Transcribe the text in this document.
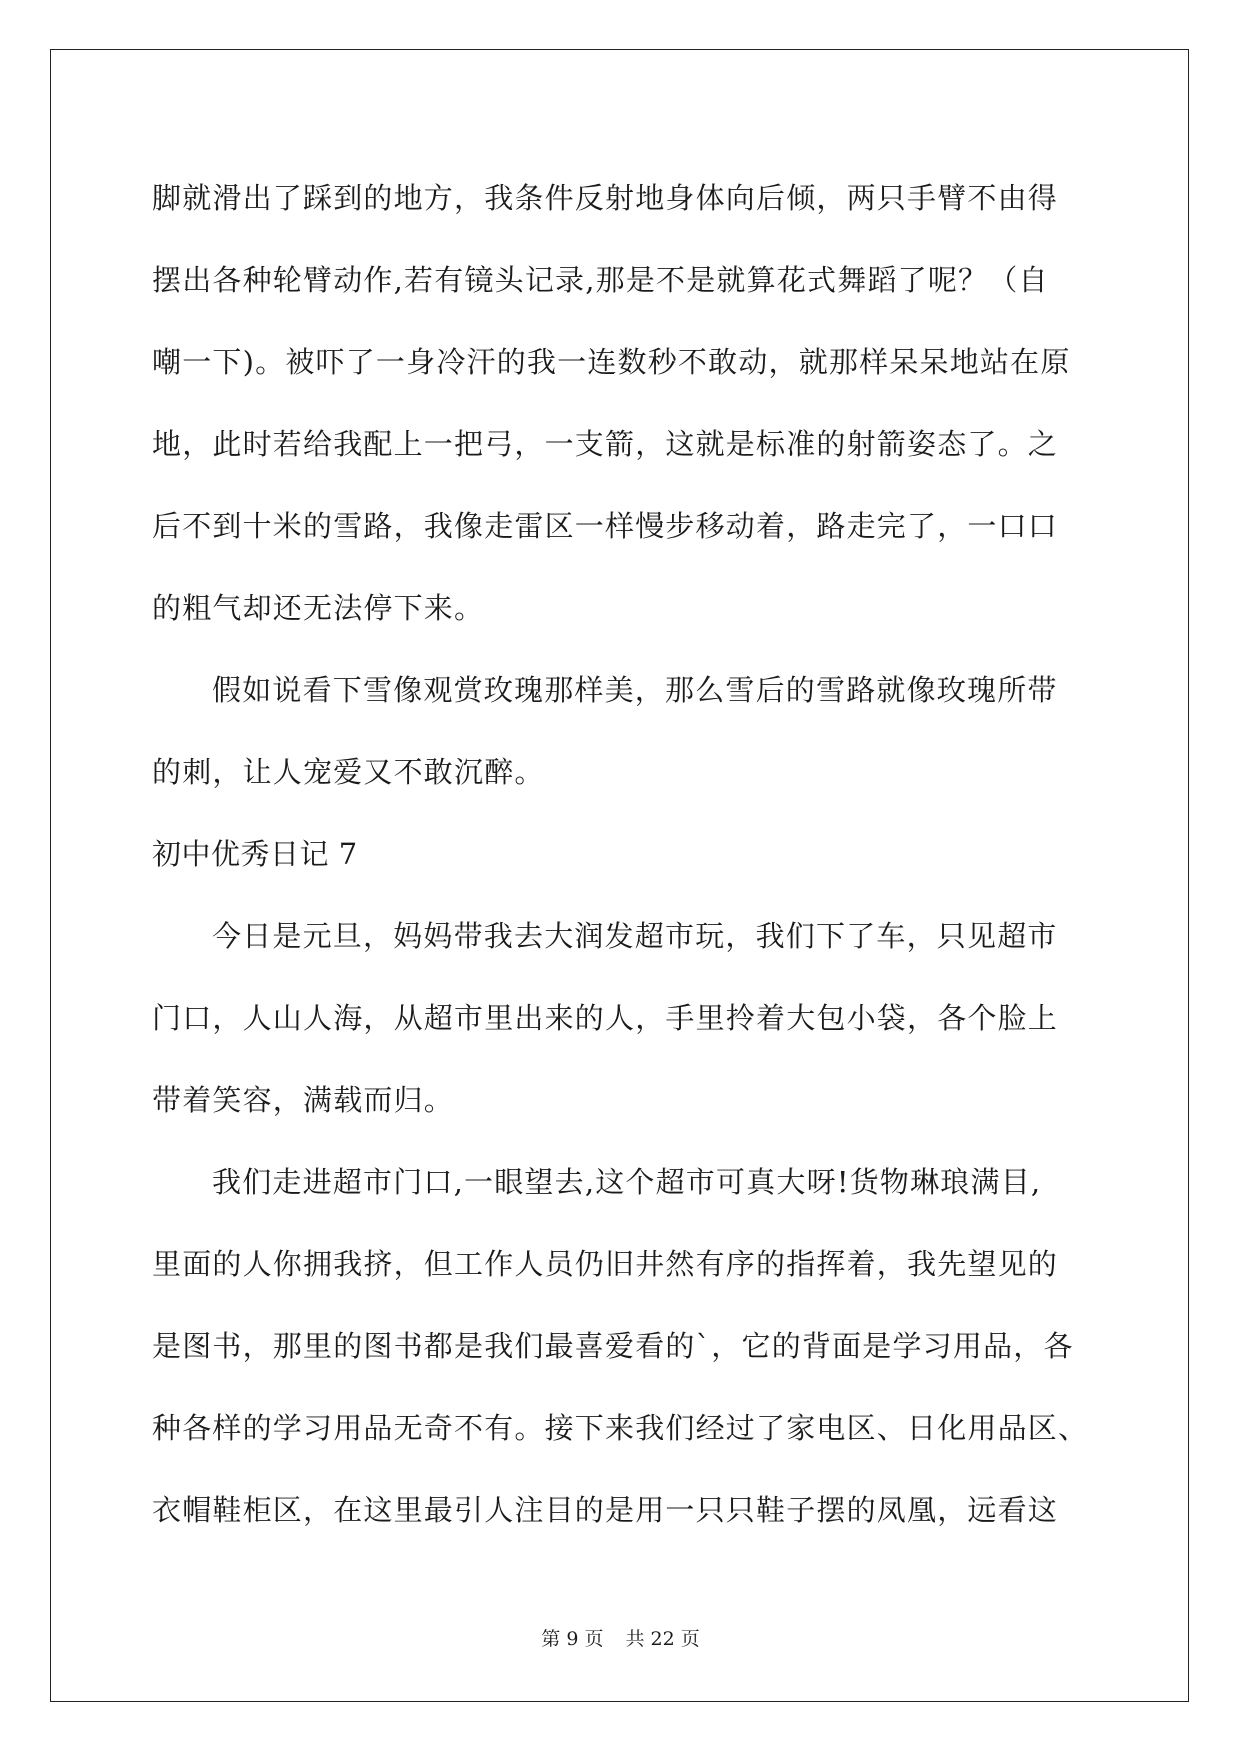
脚就滑出了踩到的地方，我条件反射地身体向后倾，两只手臂不由得
摆出各种轮臂动作,若有镜头记录,那是不是就算花式舞蹈了呢？（自
嘲一下)。被吓了一身冷汗的我一连数秒不敢动，就那样呆呆地站在原
地，此时若给我配上一把弓，一支箭，这就是标准的射箭姿态了。之
后不到十米的雪路，我像走雷区一样慢步移动着，路走完了，一口口
的粗气却还无法停下来。
假如说看下雪像观赏玫瑰那样美，那么雪后的雪路就像玫瑰所带
的刺，让人宠爱又不敢沉醉。
初中优秀日记 7
今日是元旦，妈妈带我去大润发超市玩，我们下了车，只见超市
门口，人山人海，从超市里出来的人，手里拎着大包小袋，各个脸上
带着笑容，满载而归。
我们走进超市门口,一眼望去,这个超市可真大呀!货物琳琅满目,
里面的人你拥我挤，但工作人员仍旧井然有序的指挥着，我先望见的
是图书，那里的图书都是我们最喜爱看的`，它的背面是学习用品，各
种各样的学习用品无奇不有。接下来我们经过了家电区、日化用品区、
衣帽鞋柜区，在这里最引人注目的是用一只只鞋子摆的凤凰，远看这
第 9 页 共 22 页
